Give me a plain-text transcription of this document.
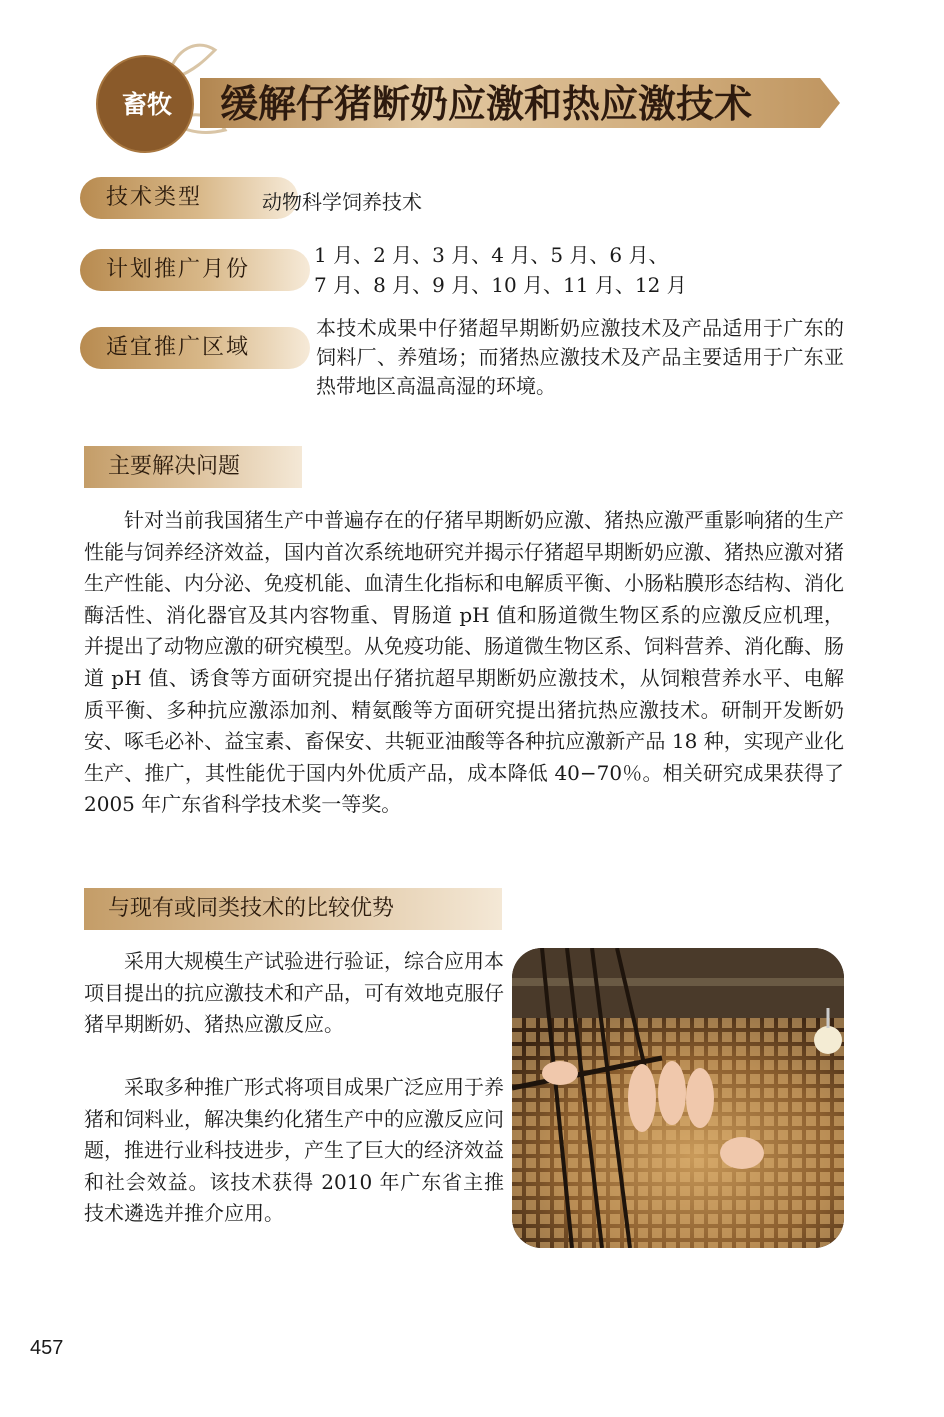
畜牧	缓解仔猪断奶应激和热应激技术
技术类型	动物科学饲养技术
计划推广月份
1 月、2 月、3 月、4 月、5 月、6 月、
7 月、8 月、9 月、10 月、11 月、12 月
适宜推广区域
本技术成果中仔猪超早期断奶应激技术及产品适用于广东的饲料厂、养殖场；而猪热应激技术及产品主要适用于广东亚热带地区高温高湿的环境。
主要解决问题
针对当前我国猪生产中普遍存在的仔猪早期断奶应激、猪热应激严重影响猪的生产性能与饲养经济效益，国内首次系统地研究并揭示仔猪超早期断奶应激、猪热应激对猪生产性能、内分泌、免疫机能、血清生化指标和电解质平衡、小肠粘膜形态结构、消化酶活性、消化器官及其内容物重、胃肠道 pH 值和肠道微生物区系的应激反应机理，并提出了动物应激的研究模型。从免疫功能、肠道微生物区系、饲料营养、消化酶、肠道 pH 值、诱食等方面研究提出仔猪抗超早期断奶应激技术，从饲粮营养水平、电解质平衡、多种抗应激添加剂、精氨酸等方面研究提出猪抗热应激技术。研制开发断奶安、啄毛必补、益宝素、畜保安、共轭亚油酸等各种抗应激新产品 18 种，实现产业化生产、推广，其性能优于国内外优质产品，成本降低 40−70％。相关研究成果获得了 2005 年广东省科学技术奖一等奖。
与现有或同类技术的比较优势
采用大规模生产试验进行验证，综合应用本项目提出的抗应激技术和产品，可有效地克服仔猪早期断奶、猪热应激反应。
采取多种推广形式将项目成果广泛应用于养猪和饲料业，解决集约化猪生产中的应激反应问题，推进行业科技进步，产生了巨大的经济效益和社会效益。该技术获得 2010 年广东省主推技术遴选并推介应用。
457
